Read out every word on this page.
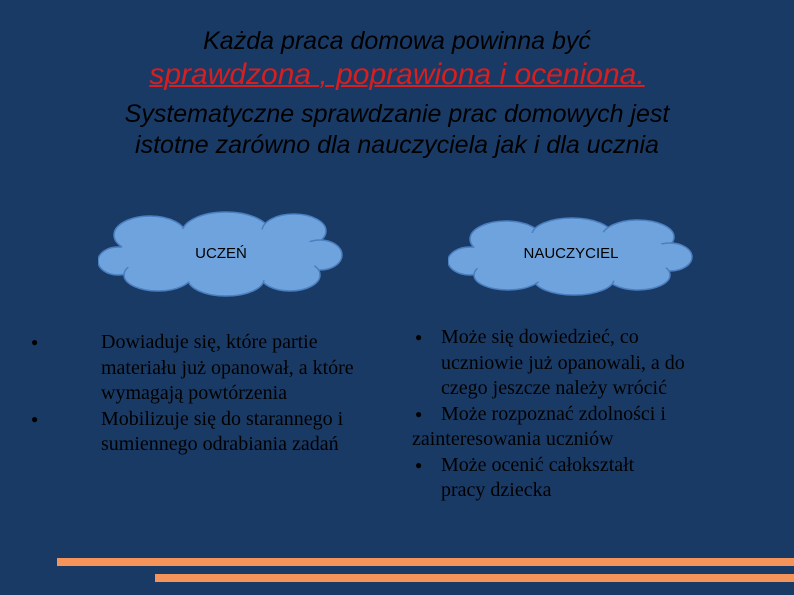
Każda praca domowa powinna być
sprawdzona , poprawiona i oceniona.
Systematyczne sprawdzanie prac domowych jest
istotne zarówno dla nauczyciela jak i dla ucznia
UCZEŃ	NAUCZYCIEL
●	Dowiaduje się, które partie materiału już opanował, a które wymagają powtórzenia
●	Mobilizuje się do starannego i sumiennego odrabiania zadań
● Może się dowiedzieć, co uczniowie już opanowali, a do czego jeszcze należy wrócić
● Może rozpoznać zdolności i zainteresowania uczniów
● Może ocenić całokształt pracy dziecka
